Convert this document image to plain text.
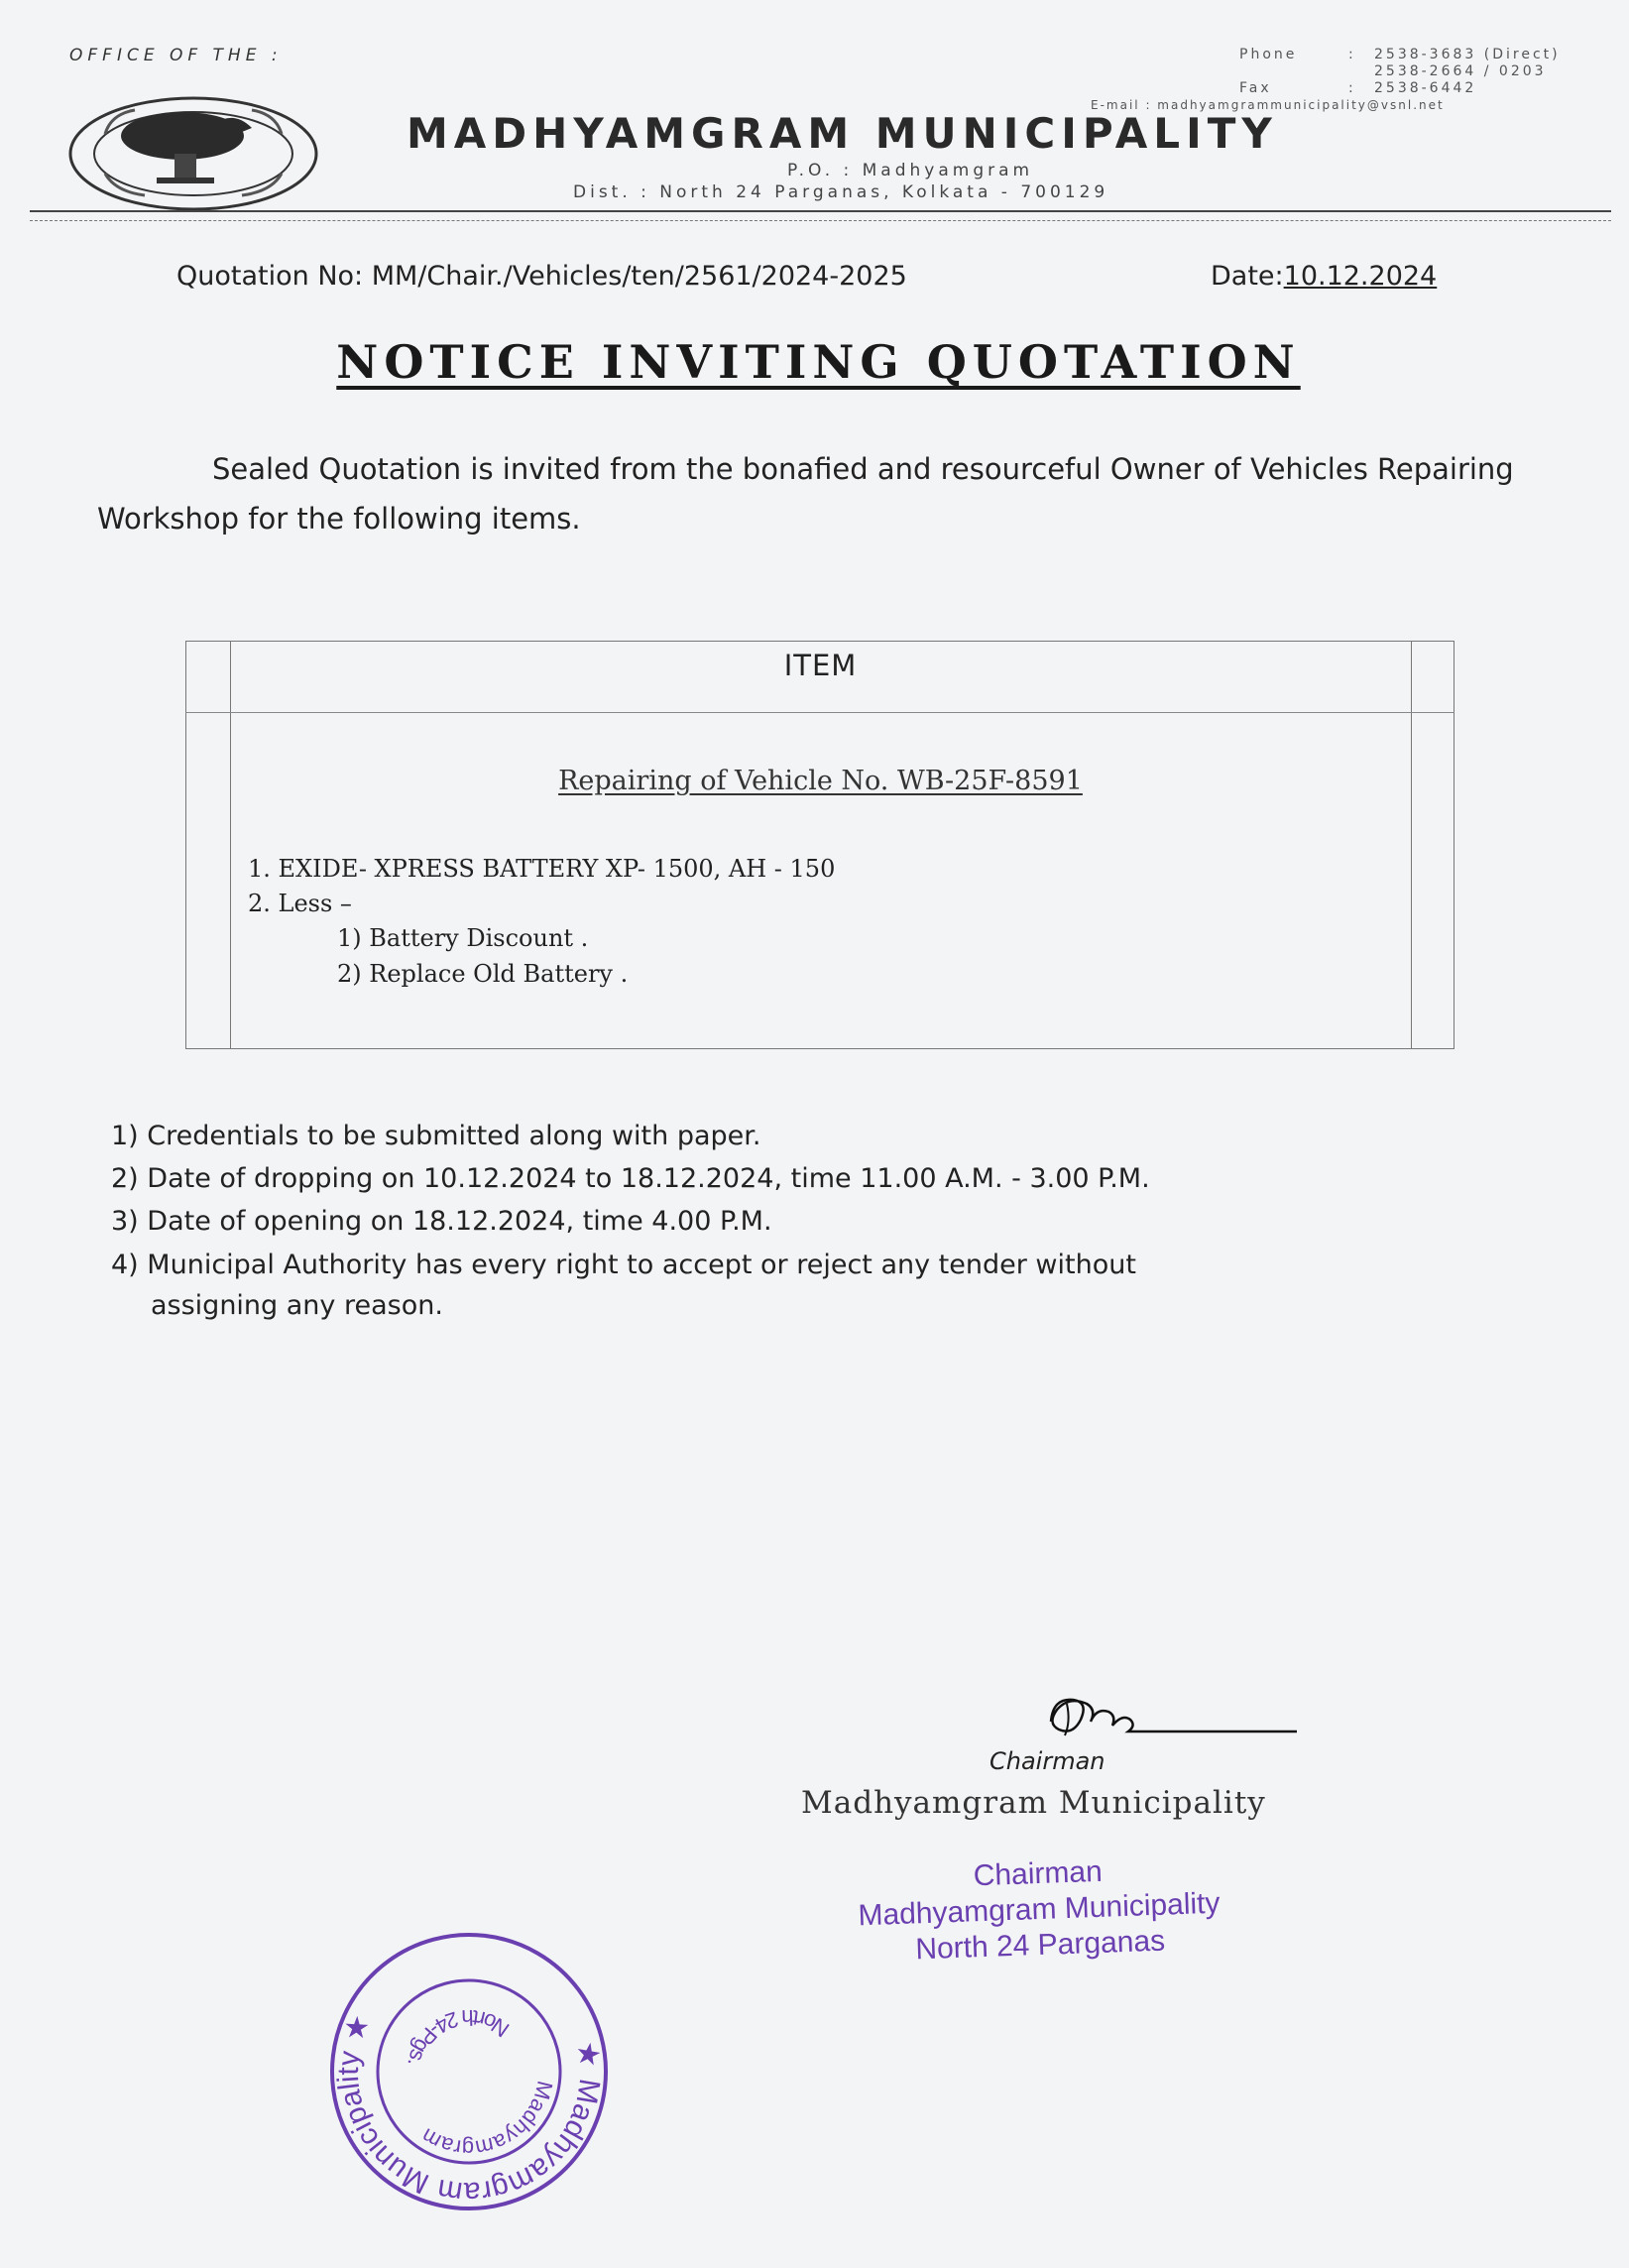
OFFICE OF THE :	Phone	: 2538-3683 (Direct)
2538-2664 / 0203
Fax	: 2538-6442
E-mail : madhyamgrammunicipality@vsnl.net
MADHYAMGRAM MUNICIPALITY
P.O. : Madhyamgram
Dist. : North 24 Parganas, Kolkata - 700129
Quotation No: MM/Chair./Vehicles/ten/2561/2024-2025	Date:10.12.2024
NOTICE INVITING QUOTATION
Sealed Quotation is invited from the bonafied and resourceful Owner of Vehicles Repairing Workshop for the following items.
ITEM
Repairing of Vehicle No. WB-25F-8591
1. EXIDE- XPRESS BATTERY XP- 1500, AH - 150
2. Less –
1) Battery Discount .
2) Replace Old Battery .
1) Credentials to be submitted along with paper.
2) Date of dropping on 10.12.2024 to 18.12.2024, time 11.00 A.M. - 3.00 P.M.
3) Date of opening on 18.12.2024, time 4.00 P.M.
4) Municipal Authority has every right to accept or reject any tender without
assigning any reason.
Chairman
Madhyamgram Municipality
Chairman
Madhyamgram Municipality
North 24 Parganas
★ Madhyamgram Municipality ★
Madhyamgram
North 24-Pgs.
